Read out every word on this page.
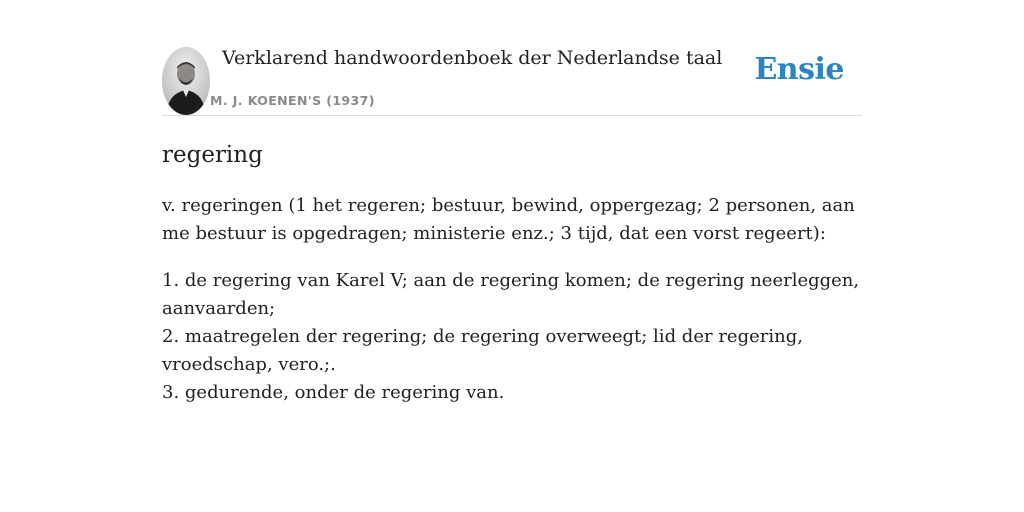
Verklarend handwoordenboek der Nederlandse taal
M. J. KOENEN'S (1937)
Ensie
regering

v. regeringen (1 het regeren; bestuur, bewind, oppergezag; 2 personen, aan me bestuur is opgedragen; ministerie enz.; 3 tijd, dat een vorst regeert):

1. de regering van Karel V; aan de regering komen; de regering neerleggen, aanvaarden;
2. maatregelen der regering; de regering overweegt; lid der regering, vroedschap, vero.;.
3. gedurende, onder de regering van.
